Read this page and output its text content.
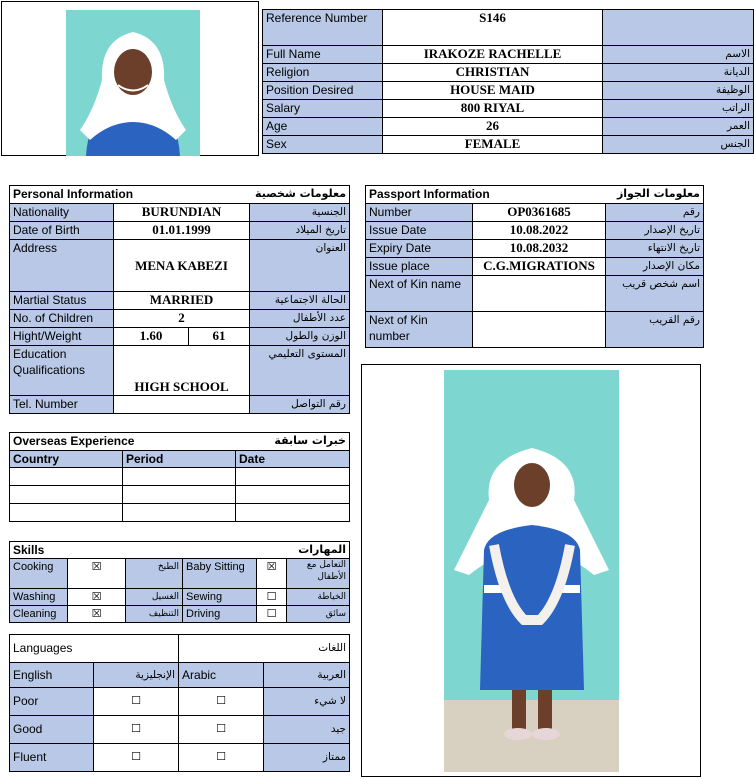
Reference Number	S146	
Full Name	IRAKOZE RACHELLE	الاسم
Religion	CHRISTIAN	الديانة
Position Desired	HOUSE MAID	الوظيفة
Salary	800 RIYAL	الراتب
Age	26	العمر
Sex	FEMALE	الجنس
Personal Information معلومات شخصية			

Nationality	BURUNDIAN		الجنسية
Date of Birth	01.01.1999		تاريخ الميلاد
Address	MENA KABEZI		العنوان
Martial Status	MARRIED		الحالة الاجتماعية
No. of Children	2		عدد الأطفال
Hight/Weight	1.60	61	الوزن والطول
Education Qualifications	HIGH SCHOOL		المستوى التعليمي
Tel. Number			رقم التواصل
Passport Information معلومات الجواز		

Number	OP0361685	رقم
Issue Date	10.08.2022	تاريخ الإصدار
Expiry Date	10.08.2032	تاريخ الانتهاء
Issue place	C.G.MIGRATIONS	مكان الإصدار
Next of Kin name		اسم شخص قريب
Next of Kin number		رقم القريب
Overseas Experience خبرات سابقة		

Country	Period	Date

Skills المهارات					

Cooking	☒	الطبخ	Baby Sitting	☒	التعامل مع الأطفال
Washing	☒	الغسيل	Sewing	☐	الخياطة
Cleaning	☒	التنظيف	Driving	☐	سائق
Languages		اللغات	
English	الإنجليزية	Arabic	العربية
Poor	☐	☐	لا شيء
Good	☐	☐	جيد
Fluent	☐	☐	ممتاز
